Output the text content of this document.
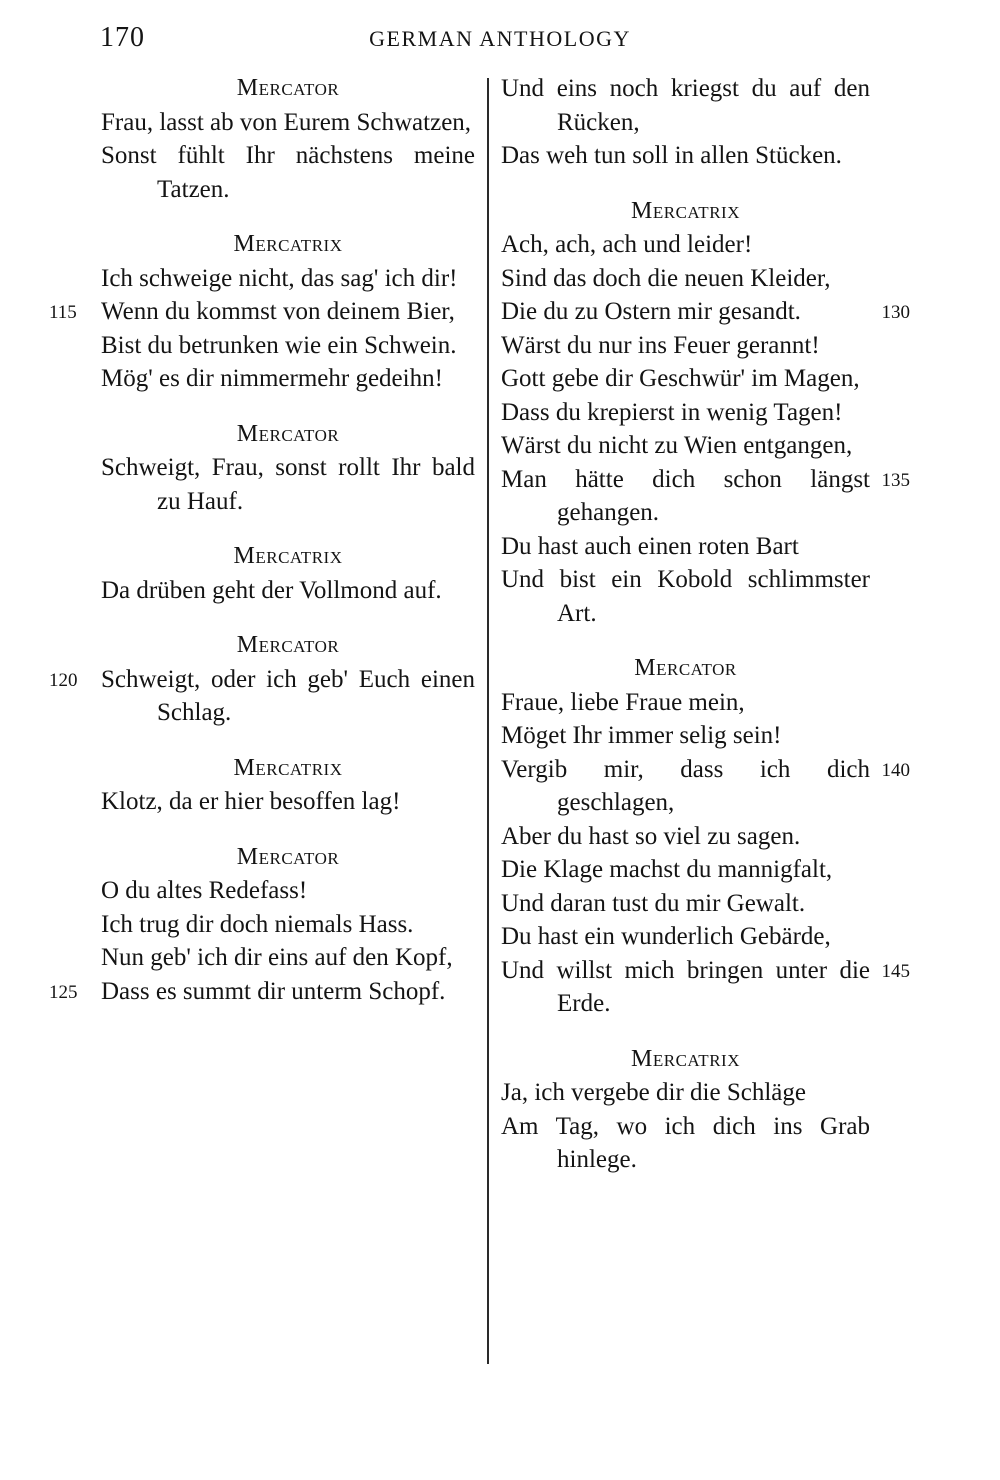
170	GERMAN ANTHOLOGY
Mercator
Frau, lasst ab von Eurem Schwatzen,
Sonst fühlt Ihr nächstens meine Tatzen.
Mercatrix
Ich schweige nicht, das sag' ich dir!
Wenn du kommst von deinem Bier,
115
Bist du betrunken wie ein Schwein.
Mög' es dir nimmermehr gedeihn!
Mercator
Schweigt, Frau, sonst rollt Ihr bald zu Hauf.
Mercatrix
Da drüben geht der Vollmond auf.
Mercator
Schweigt, oder ich geb' Euch einen Schlag.
120
Mercatrix
Klotz, da er hier besoffen lag!
Mercator
O du altes Redefass!
Ich trug dir doch niemals Hass.
Nun geb' ich dir eins auf den Kopf,
Dass es summt dir unterm Schopf.
125
Und eins noch kriegst du auf den Rücken,
Das weh tun soll in allen Stücken.
Mercatrix
Ach, ach, ach und leider!
Sind das doch die neuen Kleider,
Die du zu Ostern mir gesandt.	130
Wärst du nur ins Feuer gerannt!
Gott gebe dir Geschwür' im Magen,
Dass du krepierst in wenig Tagen!
Wärst du nicht zu Wien entgangen,
Man hätte dich schon längst gehangen.
135
Du hast auch einen roten Bart
Und bist ein Kobold schlimmster Art.
Mercator
Fraue, liebe Fraue mein,
Möget Ihr immer selig sein!
Vergib mir, dass ich dich geschlagen,
140
Aber du hast so viel zu sagen.
Die Klage machst du mannigfalt,
Und daran tust du mir Gewalt.
Du hast ein wunderlich Gebärde,
Und willst mich bringen unter die Erde.
145
Mercatrix
Ja, ich vergebe dir die Schläge
Am Tag, wo ich dich ins Grab hinlege.
